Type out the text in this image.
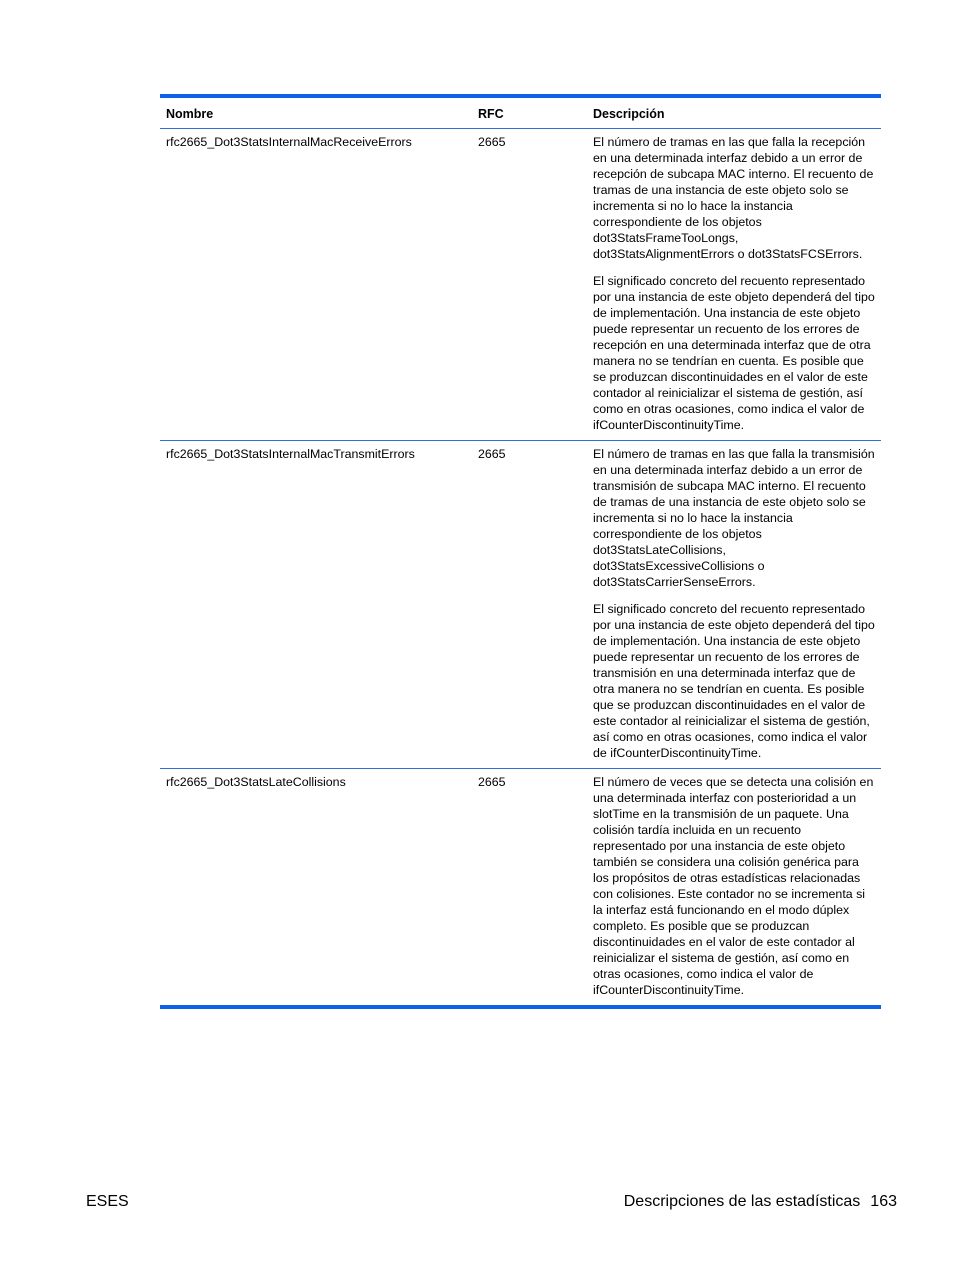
Nombre	RFC	Descripción
rfc2665_Dot3StatsInternalMacReceiveErrors	2665	El número de tramas en las que falla la recepción en una determinada interfaz debido a un error de recepción de subcapa MAC interno. El recuento de tramas de una instancia de este objeto solo se incrementa si no lo hace la instancia correspondiente de los objetos dot3StatsFrameTooLongs, dot3StatsAlignmentErrors o dot3StatsFCSErrors.

El significado concreto del recuento representado por una instancia de este objeto dependerá del tipo de implementación. Una instancia de este objeto puede representar un recuento de los errores de recepción en una determinada interfaz que de otra manera no se tendrían en cuenta. Es posible que se produzcan discontinuidades en el valor de este contador al reinicializar el sistema de gestión, así como en otras ocasiones, como indica el valor de ifCounterDiscontinuityTime.

rfc2665_Dot3StatsInternalMacTransmitErrors	2665	El número de tramas en las que falla la transmisión en una determinada interfaz debido a un error de transmisión de subcapa MAC interno. El recuento de tramas de una instancia de este objeto solo se incrementa si no lo hace la instancia correspondiente de los objetos dot3StatsLateCollisions, dot3StatsExcessiveCollisions o dot3StatsCarrierSenseErrors.

El significado concreto del recuento representado por una instancia de este objeto dependerá del tipo de implementación. Una instancia de este objeto puede representar un recuento de los errores de transmisión en una determinada interfaz que de otra manera no se tendrían en cuenta. Es posible que se produzcan discontinuidades en el valor de este contador al reinicializar el sistema de gestión, así como en otras ocasiones, como indica el valor de ifCounterDiscontinuityTime.

rfc2665_Dot3StatsLateCollisions	2665	El número de veces que se detecta una colisión en una determinada interfaz con posterioridad a un slotTime en la transmisión de un paquete. Una colisión tardía incluida en un recuento representado por una instancia de este objeto también se considera una colisión genérica para los propósitos de otras estadísticas relacionadas con colisiones. Este contador no se incrementa si la interfaz está funcionando en el modo dúplex completo. Es posible que se produzcan discontinuidades en el valor de este contador al reinicializar el sistema de gestión, así como en otras ocasiones, como indica el valor de ifCounterDiscontinuityTime.

ESES	Descripciones de las estadísticas 163
